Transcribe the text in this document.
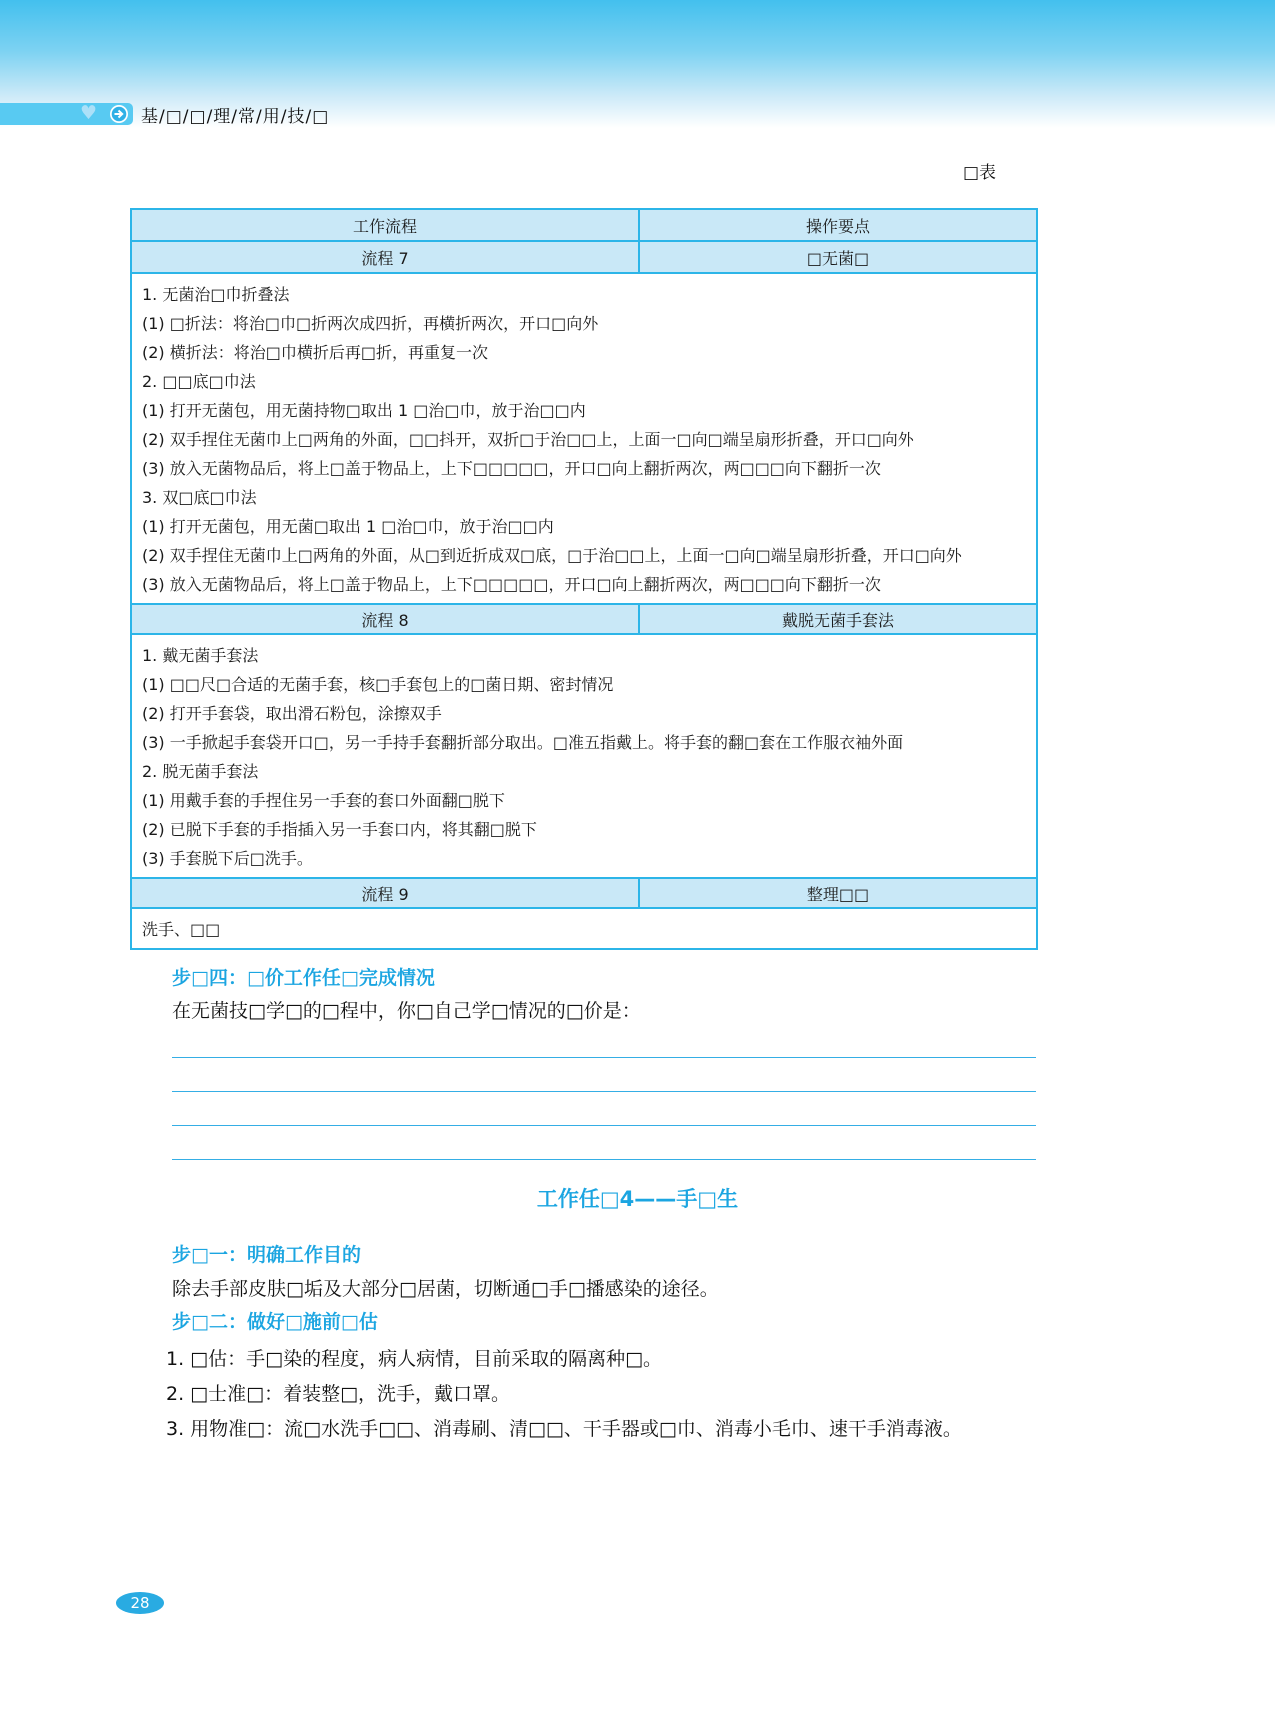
♥	基/□/□/理/常/用/技/□
□表
工作流程	操作要点
流程 7	□无菌□
1. 无菌治□巾折叠法
(1) □折法：将治□巾□折两次成四折，再横折两次，开口□向外
(2) 横折法：将治□巾横折后再□折，再重复一次
2. □□底□巾法
(1) 打开无菌包，用无菌持物□取出 1 □治□巾，放于治□□内
(2) 双手捏住无菌巾上□两角的外面，□□抖开，双折□于治□□上，上面一□向□端呈扇形折叠，开口□向外
(3) 放入无菌物品后，将上□盖于物品上，上下□□□□□，开口□向上翻折两次，两□□□向下翻折一次
3. 双□底□巾法
(1) 打开无菌包，用无菌□取出 1 □治□巾，放于治□□内
(2) 双手捏住无菌巾上□两角的外面，从□到近折成双□底，□于治□□上，上面一□向□端呈扇形折叠，开口□向外
(3) 放入无菌物品后，将上□盖于物品上，上下□□□□□，开口□向上翻折两次，两□□□向下翻折一次
流程 8	戴脱无菌手套法
1. 戴无菌手套法
(1) □□尺□合适的无菌手套，核□手套包上的□菌日期、密封情况
(2) 打开手套袋，取出滑石粉包，涂擦双手
(3) 一手掀起手套袋开口□，另一手持手套翻折部分取出。□准五指戴上。将手套的翻□套在工作服衣袖外面
2. 脱无菌手套法
(1) 用戴手套的手捏住另一手套的套口外面翻□脱下
(2) 已脱下手套的手指插入另一手套口内，将其翻□脱下
(3) 手套脱下后□洗手。
流程 9	整理□□
洗手、□□
步□四：□价工作任□完成情况
在无菌技□学□的□程中，你□自己学□情况的□价是：
工作任□4——手□生
步□一：明确工作目的
除去手部皮肤□垢及大部分□居菌，切断通□手□播感染的途径。
步□二：做好□施前□估
1. □估：手□染的程度，病人病情，目前采取的隔离种□。
2. □士准□：着装整□，洗手，戴口罩。
3. 用物准□：流□水洗手□□、消毒刷、清□□、干手器或□巾、消毒小毛巾、速干手消毒液。
28
